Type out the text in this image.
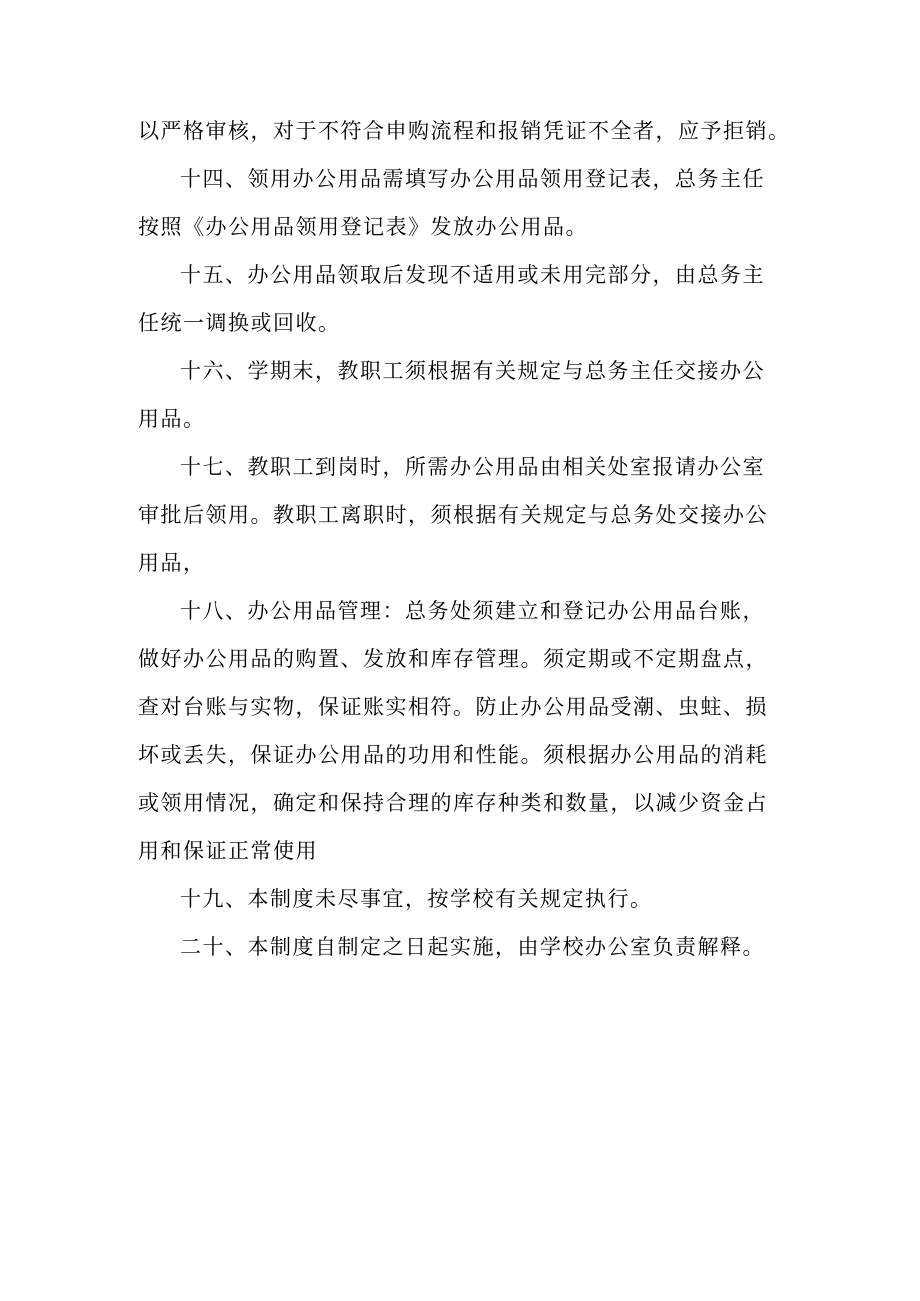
以严格审核，对于不符合申购流程和报销凭证不全者，应予拒销。

十四、领用办公用品需填写办公用品领用登记表，总务主任
按照《办公用品领用登记表》发放办公用品。

十五、办公用品领取后发现不适用或未用完部分，由总务主
任统一调换或回收。

十六、学期末，教职工须根据有关规定与总务主任交接办公
用品。

十七、教职工到岗时，所需办公用品由相关处室报请办公室
审批后领用。教职工离职时，须根据有关规定与总务处交接办公
用品，

十八、办公用品管理：总务处须建立和登记办公用品台账，
做好办公用品的购置、发放和库存管理。须定期或不定期盘点，
查对台账与实物，保证账实相符。防止办公用品受潮、虫蛀、损
坏或丢失，保证办公用品的功用和性能。须根据办公用品的消耗
或领用情况，确定和保持合理的库存种类和数量，以减少资金占
用和保证正常使用

十九、本制度未尽事宜，按学校有关规定执行。

二十、本制度自制定之日起实施，由学校办公室负责解释。
